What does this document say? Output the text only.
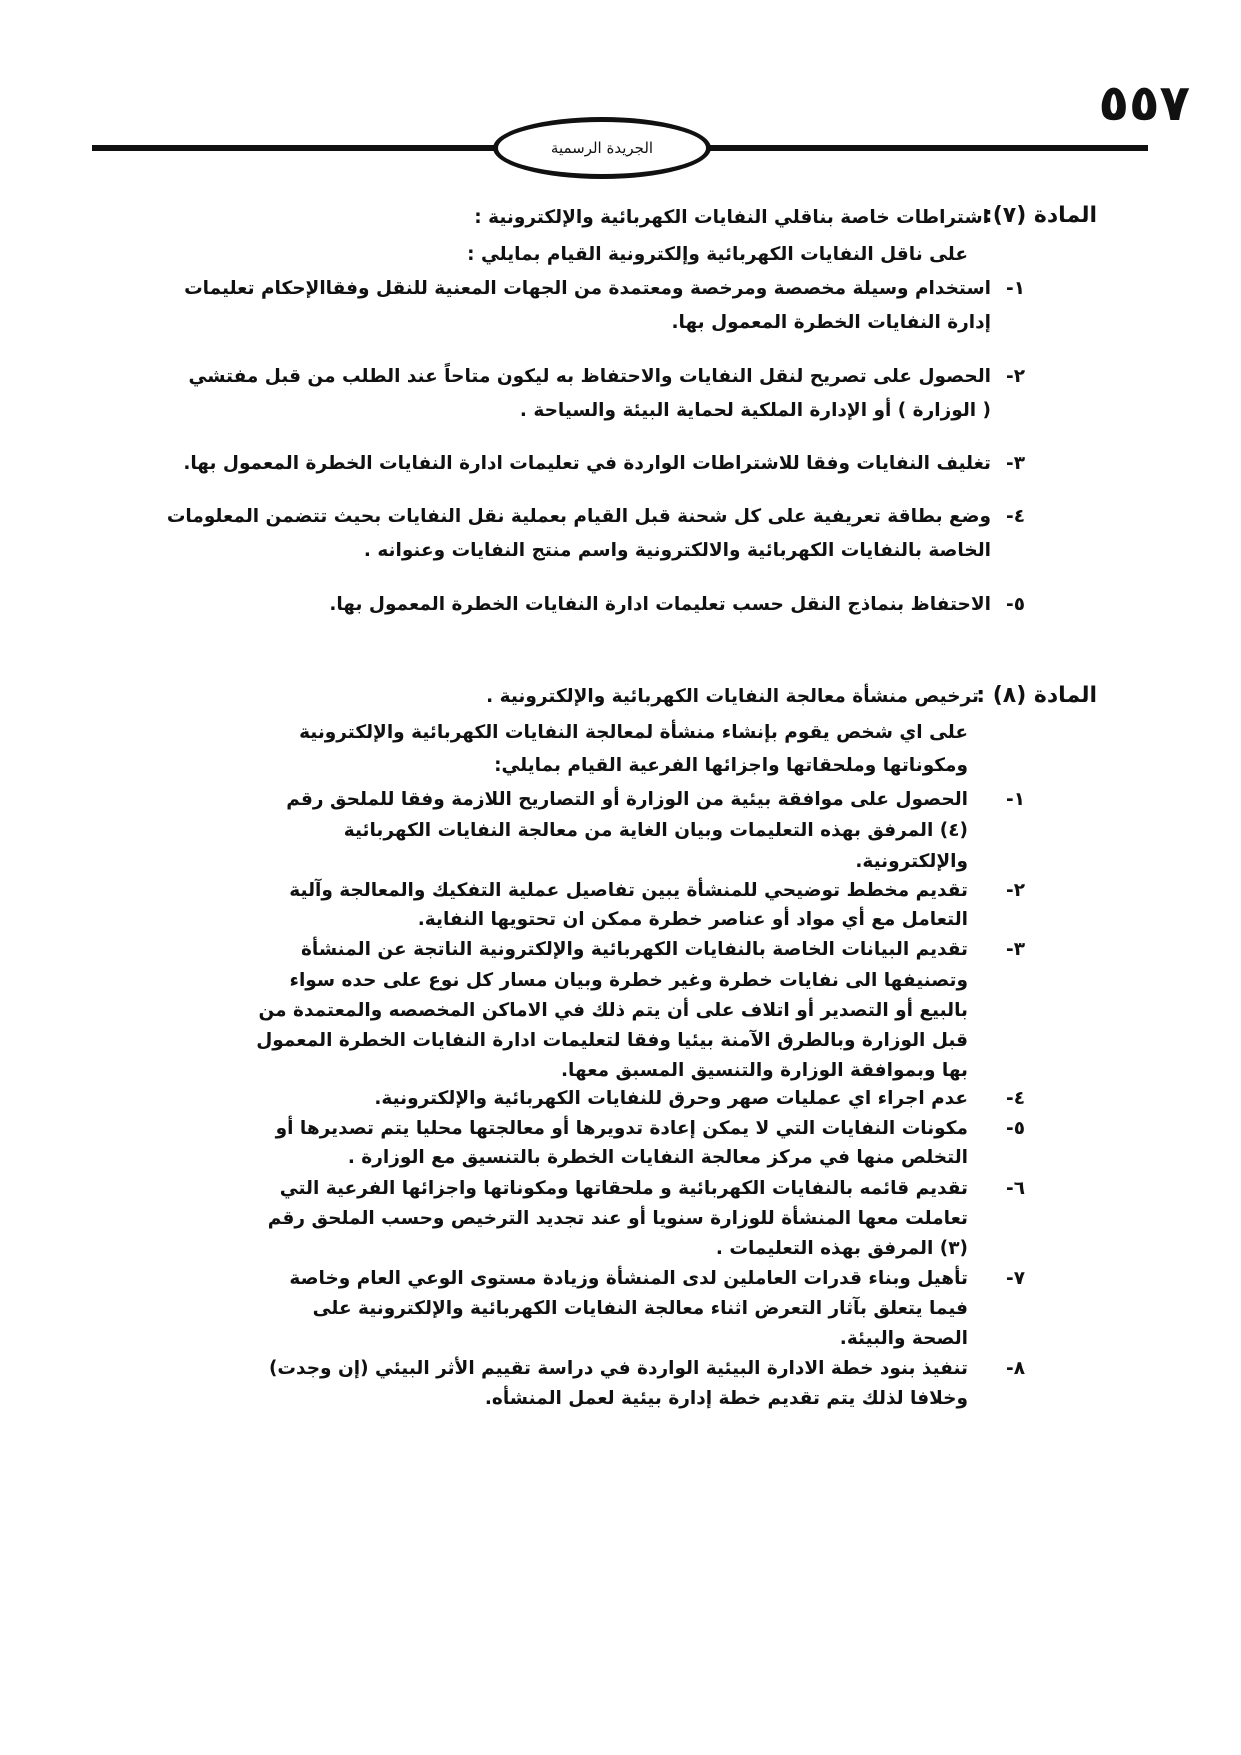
٥٥٧
الجريدة الرسمية
المادة (٧):
اشتراطات خاصة بناقلي النفايات الكهربائية والإلكترونية :
على ناقل النفايات الكهربائية وإلكترونية القيام بمايلي :
١-
استخدام وسيلة مخصصة ومرخصة ومعتمدة من الجهات المعنية للنقل وفقاالإحكام تعليمات
إدارة النفايات الخطرة المعمول بها.
٢-
الحصول على تصريح لنقل النفايات والاحتفاظ به ليكون متاحاً عند الطلب من قبل مفتشي
( الوزارة ) أو الإدارة الملكية لحماية البيئة والسياحة .
٣-
تغليف النفايات وفقا للاشتراطات الواردة في تعليمات ادارة النفايات الخطرة المعمول بها.
٤-
وضع بطاقة تعريفية على كل شحنة قبل القيام بعملية نقل النفايات بحيث تتضمن المعلومات
الخاصة بالنفايات الكهربائية والالكترونية واسم منتج النفايات وعنوانه .
٥-
الاحتفاظ بنماذج النقل حسب تعليمات ادارة النفايات الخطرة المعمول بها.
المادة (٨) :
ترخيص منشأة معالجة النفايات الكهربائية والإلكترونية .
على اي شخص يقوم بإنشاء منشأة لمعالجة النفايات الكهربائية والإلكترونية
ومكوناتها وملحقاتها واجزائها الفرعية القيام بمايلي:
١-
الحصول على موافقة بيئية من الوزارة أو التصاريح اللازمة وفقا للملحق رقم
(٤) المرفق بهذه التعليمات وبيان الغاية من معالجة النفايات الكهربائية
والإلكترونية.
٢-
تقديم مخطط توضيحي للمنشأة يبين تفاصيل عملية التفكيك والمعالجة وآلية
التعامل مع أي مواد أو عناصر خطرة ممكن ان تحتويها النفاية.
٣-
تقديم البيانات الخاصة بالنفايات الكهربائية والإلكترونية الناتجة عن المنشأة
وتصنيفها الى نفايات خطرة وغير خطرة وبيان مسار كل نوع على حده سواء
بالبيع أو التصدير أو اتلاف على أن يتم ذلك في الاماكن المخصصه والمعتمدة من
قبل الوزارة وبالطرق الآمنة بيئيا وفقا لتعليمات ادارة النفايات الخطرة المعمول
بها وبموافقة الوزارة والتنسيق المسبق معها.
٤-
عدم اجراء اي عمليات صهر وحرق للنفايات الكهربائية والإلكترونية.
٥-
مكونات النفايات التي لا يمكن إعادة تدويرها أو معالجتها محليا يتم تصديرها أو
التخلص منها في مركز معالجة النفايات الخطرة بالتنسيق مع الوزارة .
٦-
تقديم قائمه بالنفايات الكهربائية و ملحقاتها ومكوناتها واجزائها الفرعية التي
تعاملت معها المنشأة للوزارة سنويا أو عند تجديد الترخيص وحسب الملحق رقم
(٣) المرفق بهذه التعليمات .
٧-
تأهيل وبناء قدرات العاملين لدى المنشأة وزيادة مستوى الوعي العام وخاصة
فيما يتعلق بآثار التعرض اثناء معالجة النفايات الكهربائية والإلكترونية على
الصحة والبيئة.
٨-
تنفيذ بنود خطة الادارة البيئية الواردة في دراسة تقييم الأثر البيئي (إن وجدت)
وخلافا لذلك يتم تقديم خطة إدارة بيئية لعمل المنشأه.
